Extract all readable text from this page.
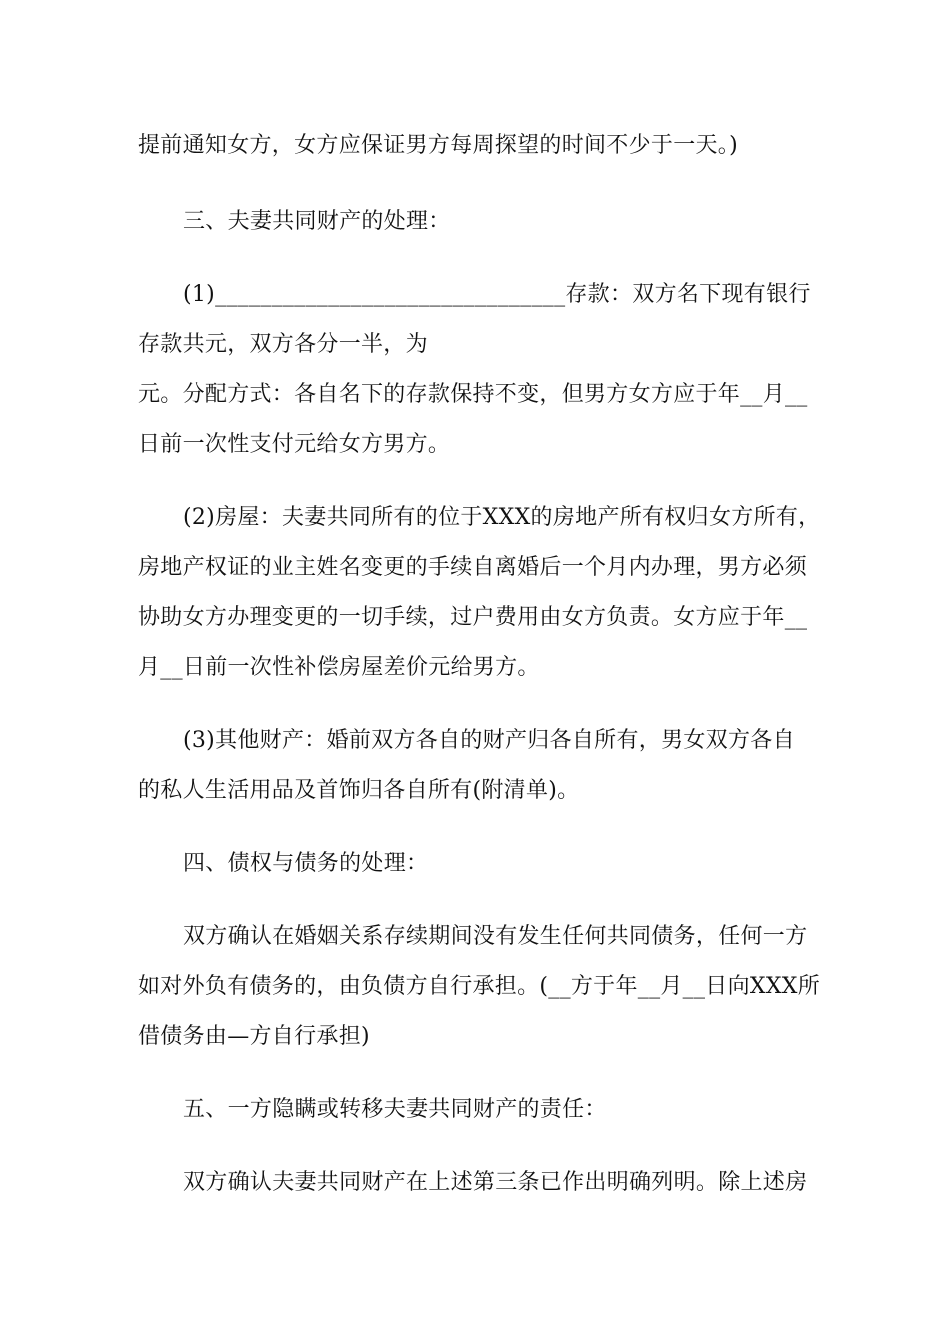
提前通知女方，女方应保证男方每周探望的时间不少于一天。)
三、夫妻共同财产的处理：
(1)_______________________________存款：双方名下现有银行
存款共元，双方各分一半，为
元。分配方式：各自名下的存款保持不变，但男方女方应于年__月__
日前一次性支付元给女方男方。
(2)房屋：夫妻共同所有的位于XXX的房地产所有权归女方所有，
房地产权证的业主姓名变更的手续自离婚后一个月内办理，男方必须
协助女方办理变更的一切手续，过户费用由女方负责。女方应于年__
月__日前一次性补偿房屋差价元给男方。
(3)其他财产：婚前双方各自的财产归各自所有，男女双方各自
的私人生活用品及首饰归各自所有(附清单)。
四、债权与债务的处理：
双方确认在婚姻关系存续期间没有发生任何共同债务，任何一方
如对外负有债务的，由负债方自行承担。(__方于年__月__日向XXX所
借债务由—方自行承担)
五、一方隐瞒或转移夫妻共同财产的责任：
双方确认夫妻共同财产在上述第三条已作出明确列明。除上述房
